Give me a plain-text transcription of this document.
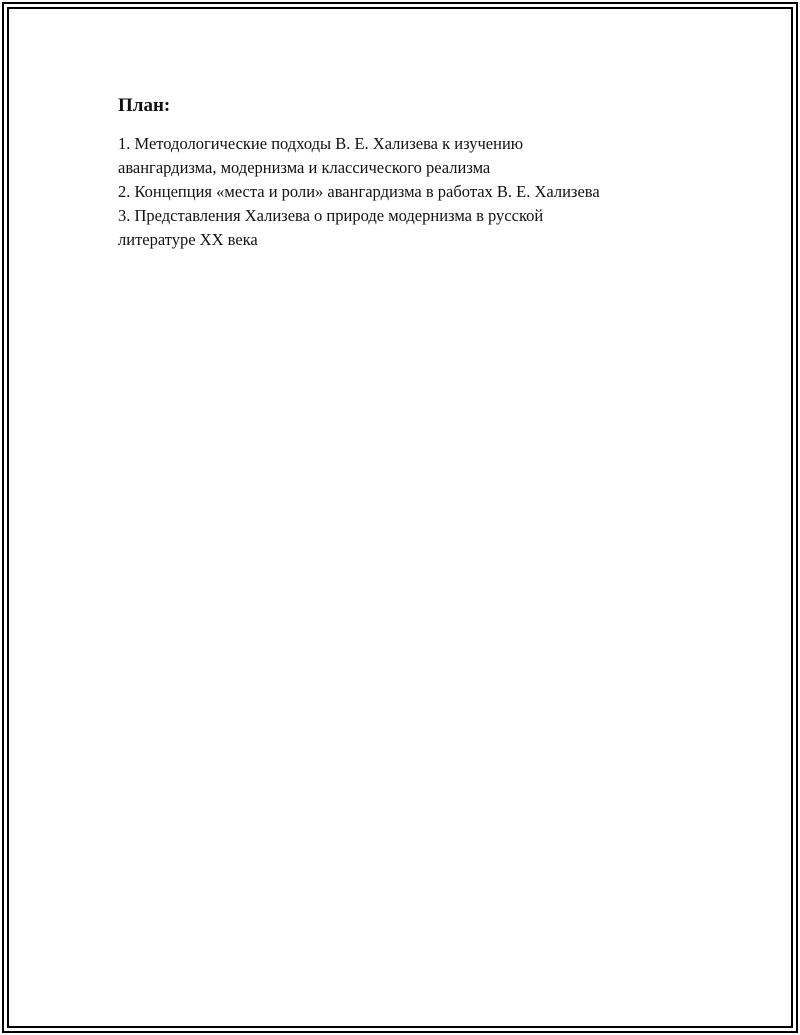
План:
1. Методологические подходы В. Е. Хализева к изучению авангардизма, модернизма и классического реализма
2. Концепция «места и роли» авангардизма в работах В. Е. Хализева
3. Представления Хализева о природе модернизма в русской литературе XX века
